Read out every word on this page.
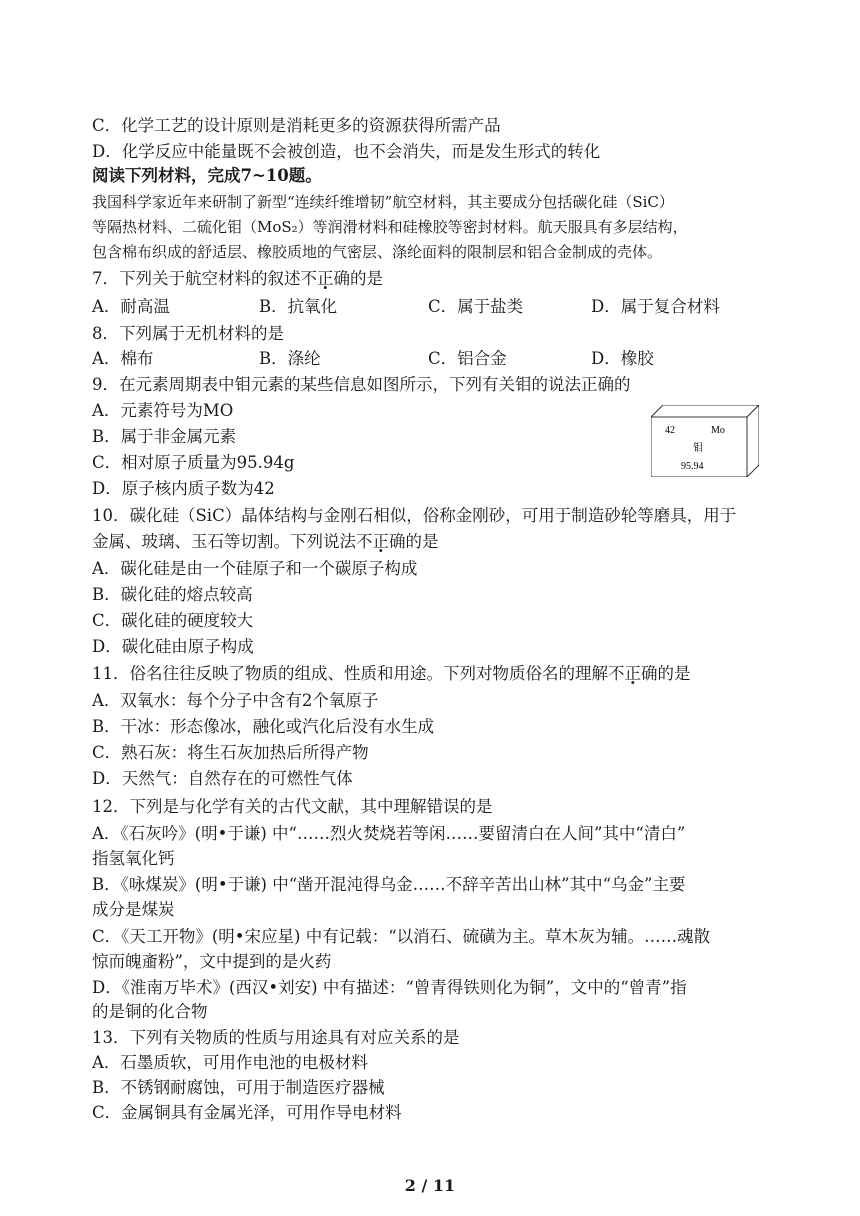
C．化学工艺的设计原则是消耗更多的资源获得所需产品
D．化学反应中能量既不会被创造，也不会消失，而是发生形式的转化
阅读下列材料，完成7~10题。
我国科学家近年来研制了新型“连续纤维增韧”航空材料，其主要成分包括碳化硅（SiC）
等隔热材料、二硫化钼（MoS₂）等润滑材料和硅橡胶等密封材料。航天服具有多层结构，
包含棉布织成的舒适层、橡胶质地的气密层、涤纶面料的限制层和铝合金制成的壳体。
7．下列关于航空材料的叙述不正确的是
A．耐高温	B．抗氧化	C．属于盐类	D．属于复合材料
8．下列属于无机材料的是
A．棉布	B．涤纶	C．铝合金	D．橡胶
9．在元素周期表中钼元素的某些信息如图所示，下列有关钼的说法正确的
A．元素符号为MO
B．属于非金属元素
C．相对原子质量为95.94g
D．原子核内质子数为42
42	Mo
钼
95.94
10．碳化硅（SiC）晶体结构与金刚石相似，俗称金刚砂，可用于制造砂轮等磨具，用于
金属、玻璃、玉石等切割。下列说法不正确的是
A．碳化硅是由一个硅原子和一个碳原子构成
B．碳化硅的熔点较高
C．碳化硅的硬度较大
D．碳化硅由原子构成
11．俗名往往反映了物质的组成、性质和用途。下列对物质俗名的理解不正确的是
A．双氧水：每个分子中含有2个氧原子
B．干冰：形态像冰，融化或汽化后没有水生成
C．熟石灰：将生石灰加热后所得产物
D．天然气：自然存在的可燃性气体
12．下列是与化学有关的古代文献，其中理解错误的是
A．《石灰吟》(明•于谦) 中“……烈火焚烧若等闲……要留清白在人间”其中“清白”
指氢氧化钙
B．《咏煤炭》(明•于谦) 中“凿开混沌得乌金……不辞辛苦出山林”其中“乌金”主要
成分是煤炭
C．《天工开物》(明•宋应星) 中有记载：“以消石、硫磺为主。草木灰为辅。……魂散
惊而魄齑粉”，文中提到的是火药
D．《淮南万毕术》(西汉•刘安) 中有描述：“曾青得铁则化为铜”，文中的“曾青”指
的是铜的化合物
13．下列有关物质的性质与用途具有对应关系的是
A．石墨质软，可用作电池的电极材料
B．不锈钢耐腐蚀，可用于制造医疗器械
C．金属铜具有金属光泽，可用作导电材料
2 / 11
